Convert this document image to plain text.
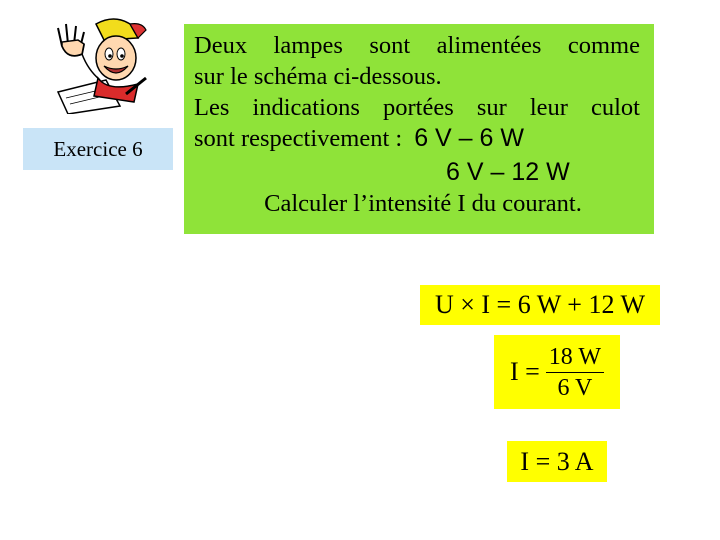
Exercice 6
Deux lampes sont alimentées comme
sur le schéma ci-dessous.
Les indications portées sur leur culot
sont respectivement : 6 V – 6 W
6 V – 12 W
Calculer l’intensité I du courant.
U × I = 6 W + 12 W
$I = \frac{18 W}{6 V}$
I = 3 A
